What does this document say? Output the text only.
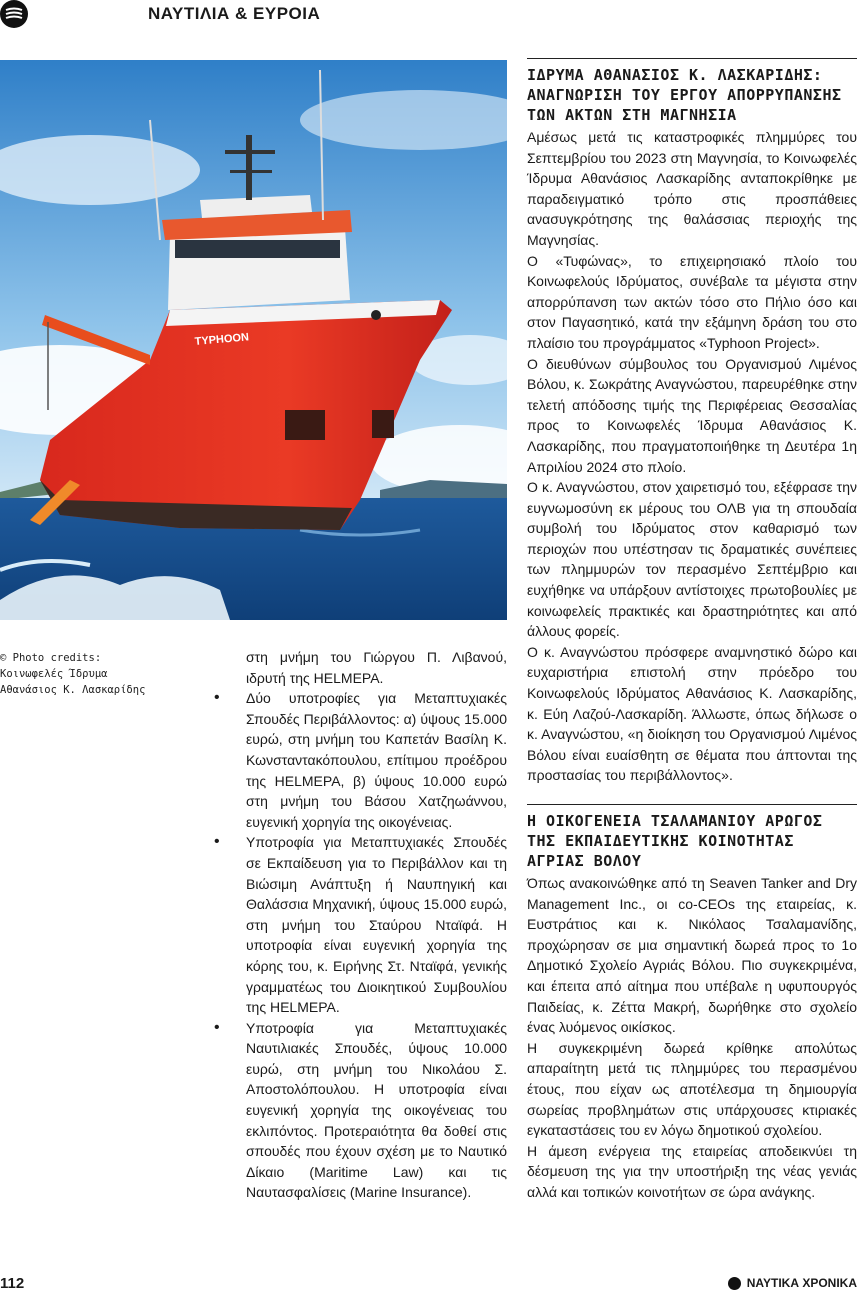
ΝΑΥΤΙΛΙΑ & ΕΥΡΟΙΑ
TYPHOON
© Photo credits:
Κοινωφελές Ίδρυμα
Αθανάσιος Κ. Λασκαρίδης

στη μνήμη του Γιώργου Π. Λιβανού, ιδρυτή της HELMEPA.

• Δύο υποτροφίες για Μεταπτυχιακές Σπουδές Περιβάλλοντος: α) ύψους 15.000 ευρώ, στη μνήμη του Καπετάν Βασίλη Κ. Κωνσταντακόπουλου, επίτιμου προέδρου της HELMEPA, β) ύψους 10.000 ευρώ στη μνήμη του Βάσου Χατζηωάννου, ευγενική χορηγία της οικογένειας.
• Υποτροφία για Μεταπτυχιακές Σπουδές σε Εκπαίδευση για το Περιβάλλον και τη Βιώσιμη Ανάπτυξη ή Ναυπηγική και Θαλάσσια Μηχανική, ύψους 15.000 ευρώ, στη μνήμη του Σταύρου Νταϊφά. Η υποτροφία είναι ευγενική χορηγία της κόρης του, κ. Ειρήνης Στ. Νταϊφά, γενικής γραμματέως του Διοικητικού Συμβουλίου της HELMEPA.
• Υποτροφία για Μεταπτυχιακές Ναυτιλιακές Σπουδές, ύψους 10.000 ευρώ, στη μνήμη του Νικολάου Σ. Αποστολόπουλου. Η υποτροφία είναι ευγενική χορηγία της οικογένειας του εκλιπόντος. Προτεραιότητα θα δοθεί στις σπουδές που έχουν σχέση με το Ναυτικό Δίκαιο (Maritime Law) και τις Ναυτασφαλίσεις (Marine Insurance).
ΙΔΡΥΜΑ ΑΘΑΝΑΣΙΟΣ Κ. ΛΑΣΚΑΡΙΔΗΣ: ΑΝΑΓΝΩΡΙΣΗ ΤΟΥ ΕΡΓΟΥ ΑΠΟΡΡΥΠΑΝΣΗΣ ΤΩΝ ΑΚΤΩΝ ΣΤΗ ΜΑΓΝΗΣΙΑ

Αμέσως μετά τις καταστροφικές πλημμύρες του Σεπτεμβρίου του 2023 στη Μαγνησία, το Κοινωφελές Ίδρυμα Αθανάσιος Λασκαρίδης ανταποκρίθηκε με παραδειγματικό τρόπο στις προσπάθειες ανασυγκρότησης της θαλάσσιας περιοχής της Μαγνησίας.

Ο «Τυφώνας», το επιχειρησιακό πλοίο του Κοινωφελούς Ιδρύματος, συνέβαλε τα μέγιστα στην απορρύπανση των ακτών τόσο στο Πήλιο όσο και στον Παγασητικό, κατά την εξάμηνη δράση του στο πλαίσιο του προγράμματος «Typhoon Project».

Ο διευθύνων σύμβουλος του Οργανισμού Λιμένος Βόλου, κ. Σωκράτης Αναγνώστου, παρευρέθηκε στην τελετή απόδοσης τιμής της Περιφέρειας Θεσσαλίας προς το Κοινωφελές Ίδρυμα Αθανάσιος Κ. Λασκαρίδης, που πραγματοποιήθηκε τη Δευτέρα 1η Απριλίου 2024 στο πλοίο.

Ο κ. Αναγνώστου, στον χαιρετισμό του, εξέφρασε την ευγνωμοσύνη εκ μέρους του ΟΛΒ για τη σπουδαία συμβολή του Ιδρύματος στον καθαρισμό των περιοχών που υπέστησαν τις δραματικές συνέπειες των πλημμυρών τον περασμένο Σεπτέμβριο και ευχήθηκε να υπάρξουν αντίστοιχες πρωτοβουλίες με κοινωφελείς πρακτικές και δραστηριότητες και από άλλους φορείς.

Ο κ. Αναγνώστου πρόσφερε αναμνηστικό δώρο και ευχαριστήρια επιστολή στην πρόεδρο του Κοινωφελούς Ιδρύματος Αθανάσιος Κ. Λασκαρίδης, κ. Εύη Λαζού-Λασκαρίδη. Άλλωστε, όπως δήλωσε ο κ. Αναγνώστου, «η διοίκηση του Οργανισμού Λιμένος Βόλου είναι ευαίσθητη σε θέματα που άπτονται της προστασίας του περιβάλλοντος».

Η ΟΙΚΟΓΕΝΕΙΑ ΤΣΑΛΑΜΑΝΙΟΥ ΑΡΩΓΟΣ ΤΗΣ ΕΚΠΑΙΔΕΥΤΙΚΗΣ ΚΟΙΝΟΤΗΤΑΣ ΑΓΡΙΑΣ ΒΟΛΟΥ

Όπως ανακοινώθηκε από τη Seaven Tanker and Dry Management Inc., οι co-CEOs της εταιρείας, κ. Ευστράτιος και κ. Νικόλαος Τσαλαμανίδης, προχώρησαν σε μια σημαντική δωρεά προς το 1ο Δημοτικό Σχολείο Αγριάς Βόλου. Πιο συγκεκριμένα, και έπειτα από αίτημα που υπέβαλε η υφυπουργός Παιδείας, κ. Ζέττα Μακρή, δωρήθηκε στο σχολείο ένας λυόμενος οικίσκος.

Η συγκεκριμένη δωρεά κρίθηκε απολύτως απαραίτητη μετά τις πλημμύρες του περασμένου έτους, που είχαν ως αποτέλεσμα τη δημιουργία σωρείας προβλημάτων στις υπάρχουσες κτιριακές εγκαταστάσεις του εν λόγω δημοτικού σχολείου.

Η άμεση ενέργεια της εταιρείας αποδεικνύει τη δέσμευση της για την υποστήριξη της νέας γενιάς αλλά και τοπικών κοινοτήτων σε ώρα ανάγκης.

112	ΝΑΥΤΙΚΑ ΧΡΟΝΙΚΑ
